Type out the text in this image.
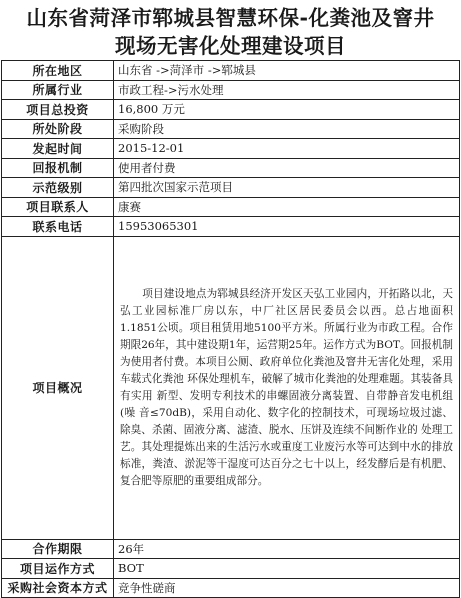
山东省菏泽市郓城县智慧环保-化粪池及窨井
现场无害化处理建设项目
所在地区	山东省 ->菏泽市 ->郓城县
所属行业	市政工程->污水处理
项目总投资	16,800 万元
所处阶段	采购阶段
发起时间	2015-12-01
回报机制	使用者付费
示范级别	第四批次国家示范项目
项目联系人	康赛
联系电话	15953065301
项目概况	项目建设地点为郓城县经济开发区天弘工业园内，开拓路以北，天弘工业园标准厂房以东，中厂社区居民委员会以西。总占地面积1.1851公顷。项目租赁用地5100平方米。所属行业为市政工程。合作期限26年，其中建设期1年，运营期25年。运作方式为BOT。回报机制为使用者付费。本项目公厕、政府单位化粪池及窨井无害化处理，采用车载式化粪池 环保处理机车，破解了城市化粪池的处理难题。其装备具有实用 新型、发明专利技术的串螺固液分离装置、自带静音发电机组(噪 音≤70dB)，采用自动化、数字化的控制技术，可现场垃圾过滤、除臭、杀菌、固液分离、滤渣、脱水、压饼及连续不间断作业的 处理工艺。其处理提炼出来的生活污水或重度工业废污水等可达到中水的排放标准，粪渣、淤泥等干湿度可达百分之七十以上，经发酵后是有机肥、复合肥等原肥的重要组成部分。
合作期限	26年
项目运作方式	BOT
采购社会资本方式	竞争性磋商
